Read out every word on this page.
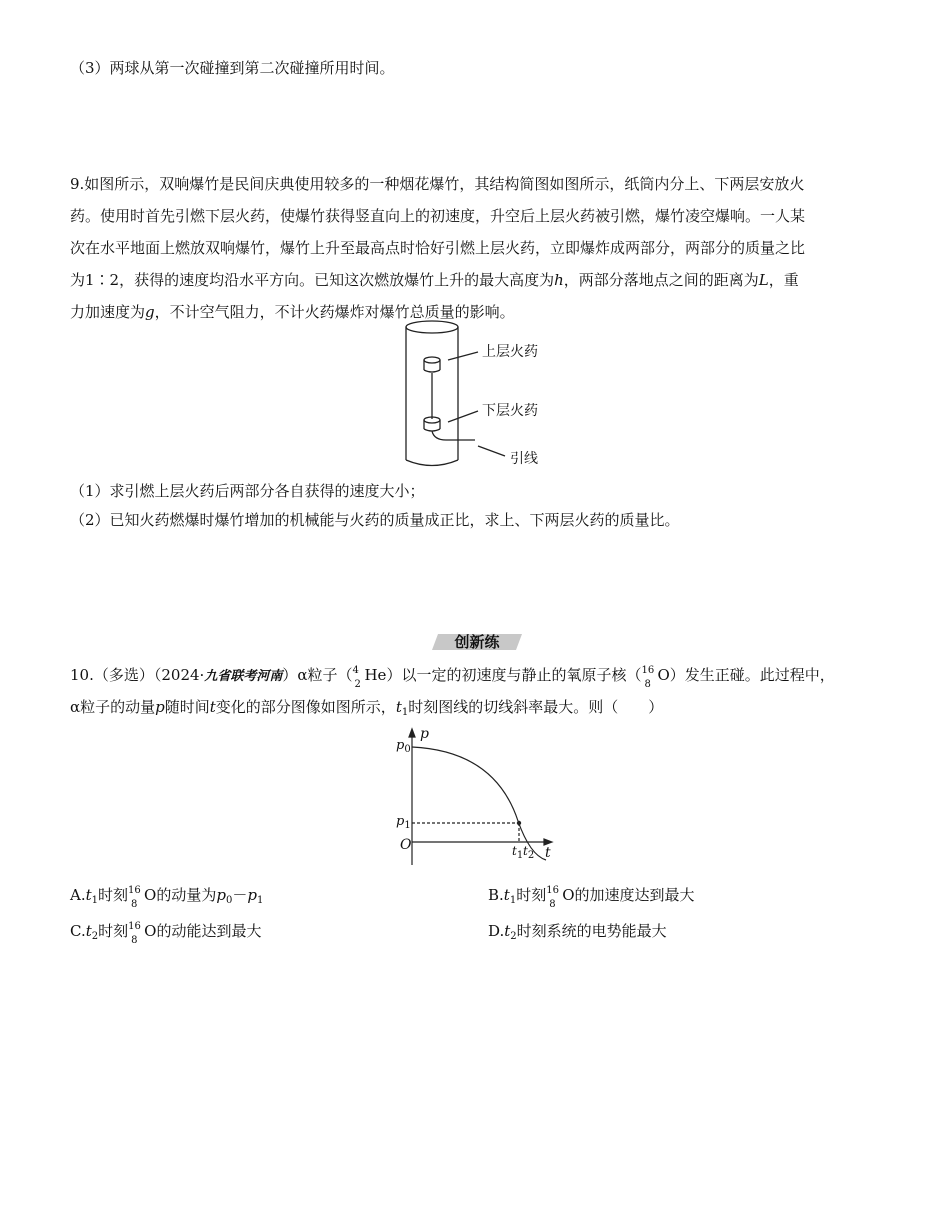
（3）两球从第一次碰撞到第二次碰撞所用时间。
9.如图所示，双响爆竹是民间庆典使用较多的一种烟花爆竹，其结构简图如图所示，纸筒内分上、下两层安放火
药。使用时首先引燃下层火药，使爆竹获得竖直向上的初速度，升空后上层火药被引燃，爆竹凌空爆响。一人某
次在水平地面上燃放双响爆竹，爆竹上升至最高点时恰好引燃上层火药，立即爆炸成两部分，两部分的质量之比
为1∶2，获得的速度均沿水平方向。已知这次燃放爆竹上升的最大高度为h，两部分落地点之间的距离为L，重
力加速度为g，不计空气阻力，不计火药爆炸对爆竹总质量的影响。
上层火药
下层火药
引线
（1）求引燃上层火药后两部分各自获得的速度大小；
（2）已知火药燃爆时爆竹增加的机械能与火药的质量成正比，求上、下两层火药的质量比。
创新练
10.（多选）（2024·九省联考河南）α粒子（ 4
2
He）以一定的初速度与静止的氧原子核（ 16
8
O）发生正碰。此过程中，
α粒子的动量p随时间t变化的部分图像如图所示，$t_1$时刻图线的切线斜率最大。则（　　）
p
$p_0$
$p_1$
O	t
$t_1$ $t_2$
$A.t_1$时刻 16
8
O的动量为$p_0-p_1$	$B.t_1$时刻 16
8
O的加速度达到最大
$C.t_2$时刻 16
8
O的动能达到最大	$D.t_2$时刻系统的电势能最大
